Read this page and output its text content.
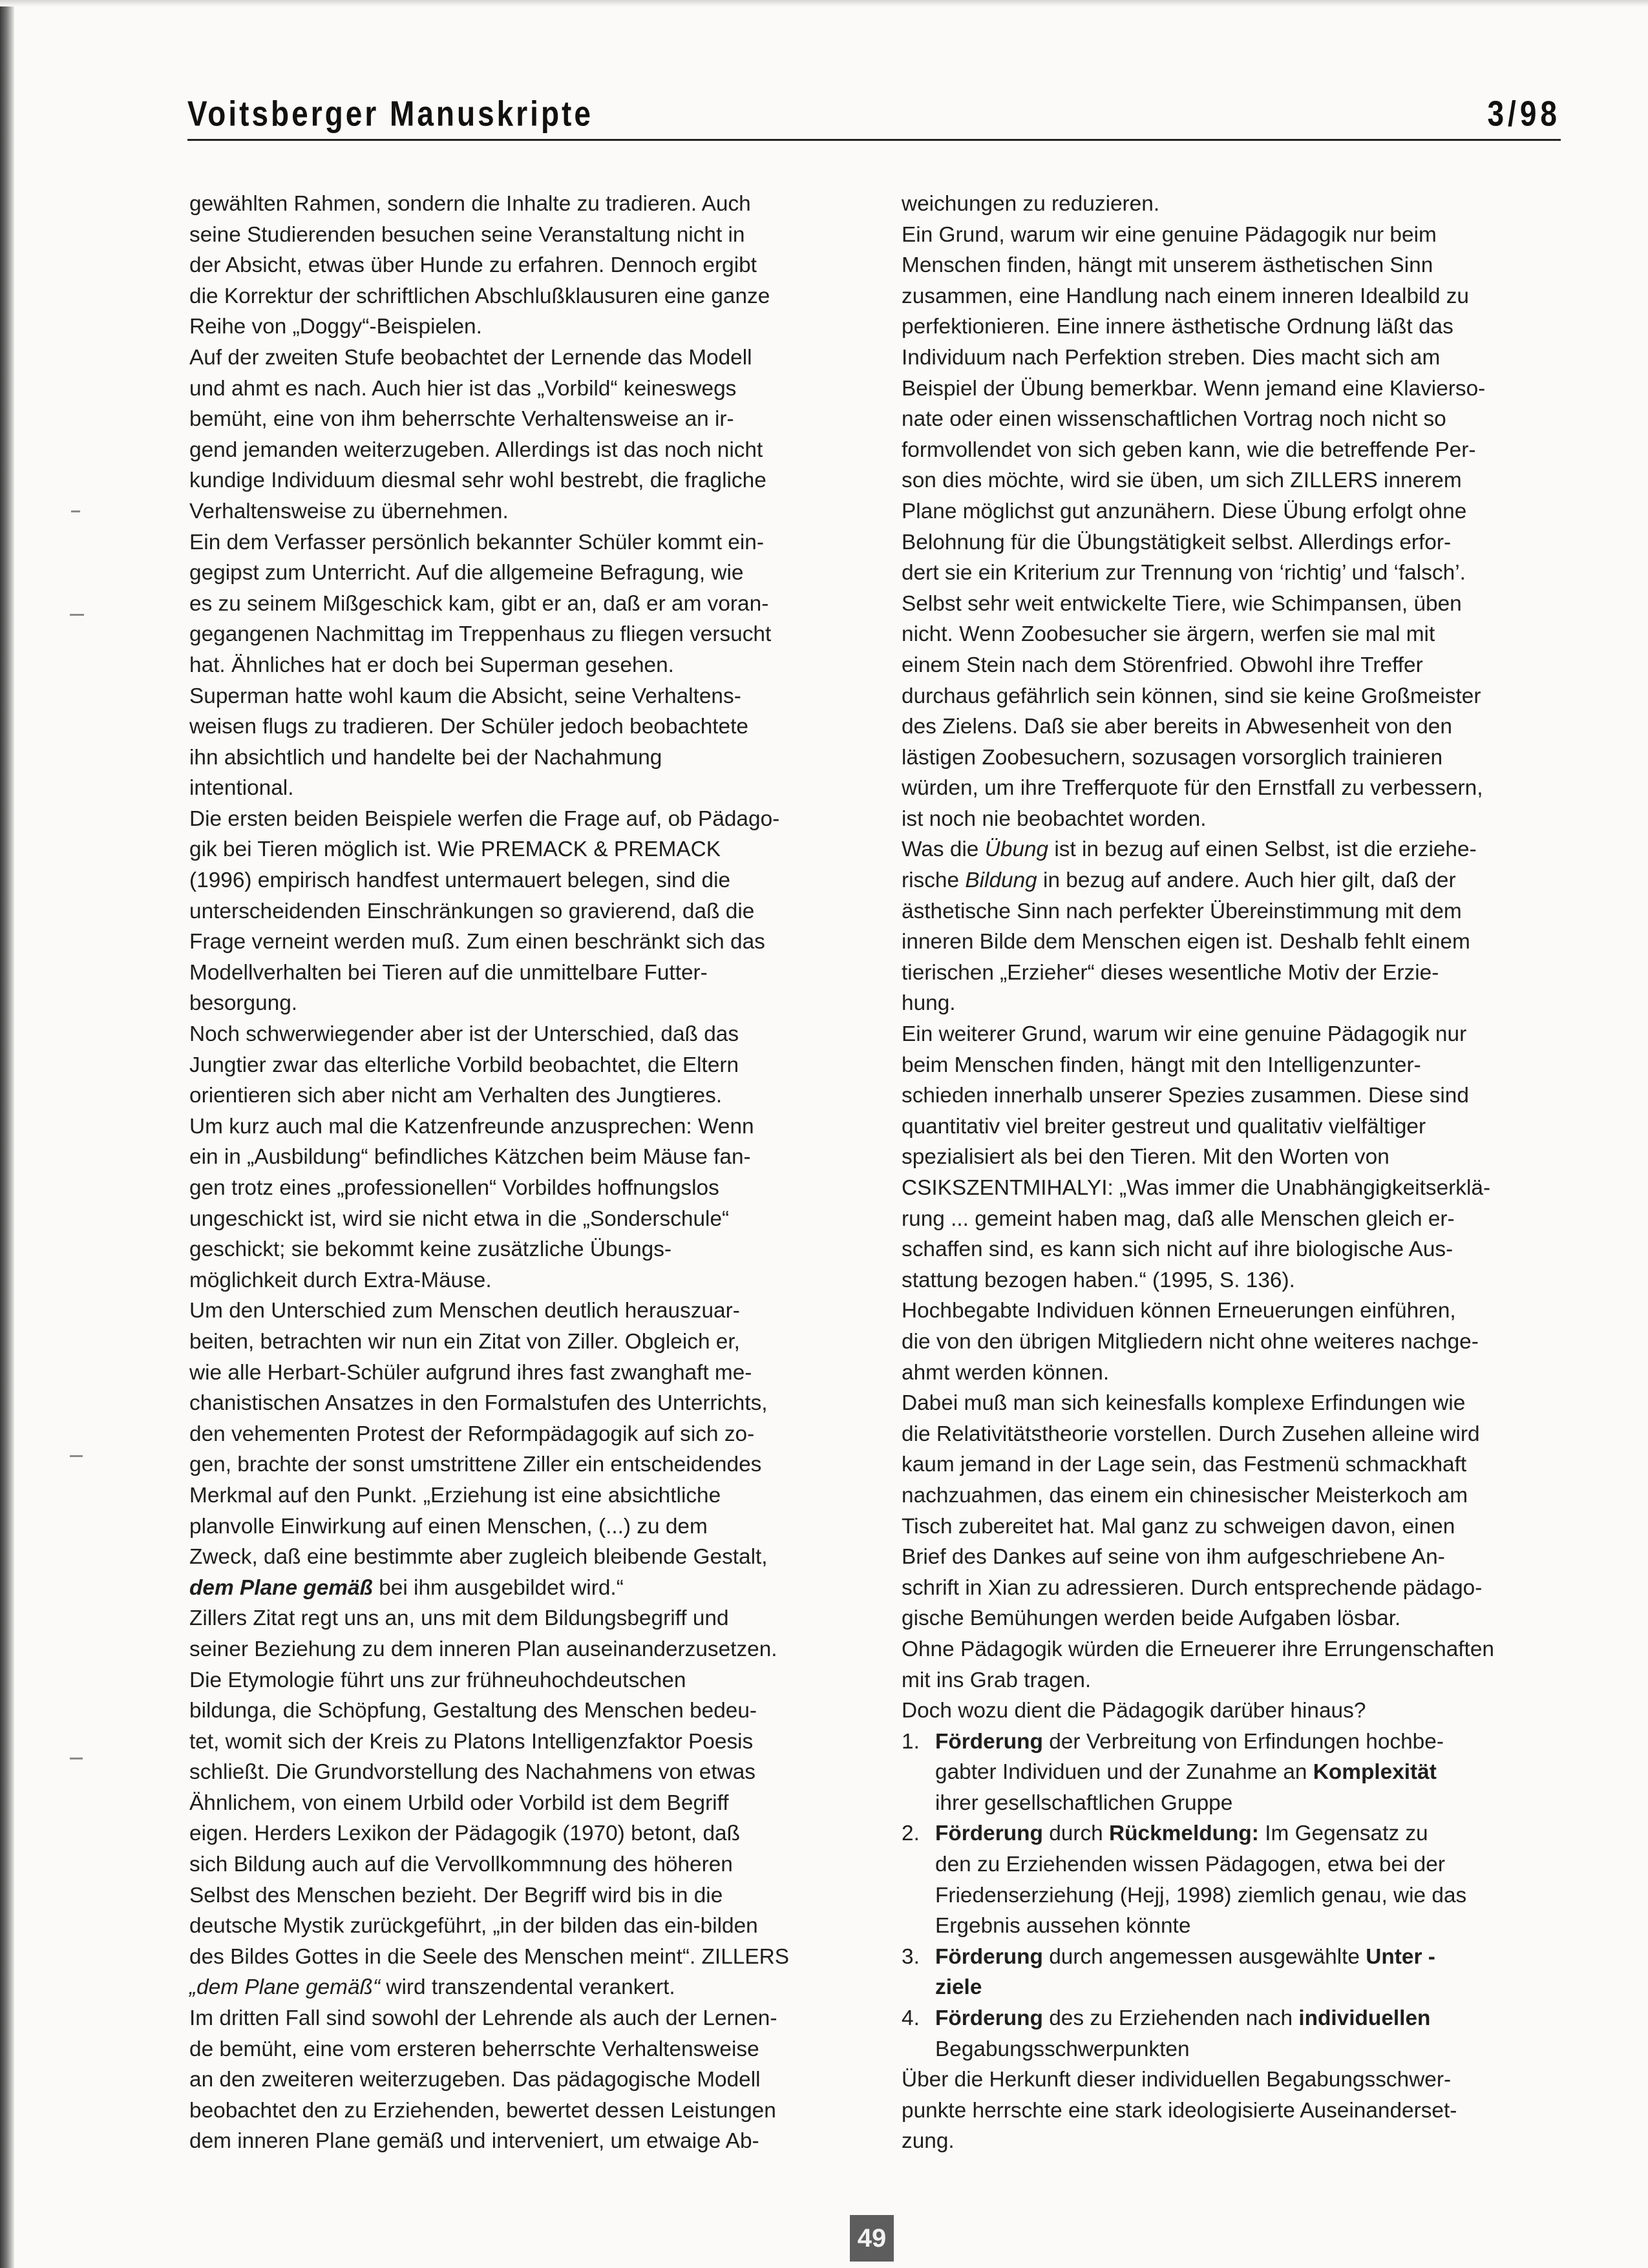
Voitsberger Manuskripte	3/98
gewählten Rahmen, sondern die Inhalte zu tradieren. Auch
seine Studierenden besuchen seine Veranstaltung nicht in
der Absicht, etwas über Hunde zu erfahren. Dennoch ergibt
die Korrektur der schriftlichen Abschlußklausuren eine ganze
Reihe von „Doggy“-Beispielen.
Auf der zweiten Stufe beobachtet der Lernende das Modell
und ahmt es nach. Auch hier ist das „Vorbild“ keineswegs
bemüht, eine von ihm beherrschte Verhaltensweise an ir-
gend jemanden weiterzugeben. Allerdings ist das noch nicht
kundige Individuum diesmal sehr wohl bestrebt, die fragliche
Verhaltensweise zu übernehmen.
Ein dem Verfasser persönlich bekannter Schüler kommt ein-
gegipst zum Unterricht. Auf die allgemeine Befragung, wie
es zu seinem Mißgeschick kam, gibt er an, daß er am voran-
gegangenen Nachmittag im Treppenhaus zu fliegen versucht
hat. Ähnliches hat er doch bei Superman gesehen.
Superman hatte wohl kaum die Absicht, seine Verhaltens-
weisen flugs zu tradieren. Der Schüler jedoch beobachtete
ihn absichtlich und handelte bei der Nachahmung
intentional.
Die ersten beiden Beispiele werfen die Frage auf, ob Pädago-
gik bei Tieren möglich ist. Wie PREMACK & PREMACK
(1996) empirisch handfest untermauert belegen, sind die
unterscheidenden Einschränkungen so gravierend, daß die
Frage verneint werden muß. Zum einen beschränkt sich das
Modellverhalten bei Tieren auf die unmittelbare Futter-
besorgung.
Noch schwerwiegender aber ist der Unterschied, daß das
Jungtier zwar das elterliche Vorbild beobachtet, die Eltern
orientieren sich aber nicht am Verhalten des Jungtieres.
Um kurz auch mal die Katzenfreunde anzusprechen: Wenn
ein in „Ausbildung“ befindliches Kätzchen beim Mäuse fan-
gen trotz eines „professionellen“ Vorbildes hoffnungslos
ungeschickt ist, wird sie nicht etwa in die „Sonderschule“
geschickt; sie bekommt keine zusätzliche Übungs-
möglichkeit durch Extra-Mäuse.
Um den Unterschied zum Menschen deutlich herauszuar-
beiten, betrachten wir nun ein Zitat von Ziller. Obgleich er,
wie alle Herbart-Schüler aufgrund ihres fast zwanghaft me-
chanistischen Ansatzes in den Formalstufen des Unterrichts,
den vehementen Protest der Reformpädagogik auf sich zo-
gen, brachte der sonst umstrittene Ziller ein entscheidendes
Merkmal auf den Punkt. „Erziehung ist eine absichtliche
planvolle Einwirkung auf einen Menschen, (...) zu dem
Zweck, daß eine bestimmte aber zugleich bleibende Gestalt,
dem Plane gemäß bei ihm ausgebildet wird.“
Zillers Zitat regt uns an, uns mit dem Bildungsbegriff und
seiner Beziehung zu dem inneren Plan auseinanderzusetzen.
Die Etymologie führt uns zur frühneuhochdeutschen
bildunga, die Schöpfung, Gestaltung des Menschen bedeu-
tet, womit sich der Kreis zu Platons Intelligenzfaktor Poesis
schließt. Die Grundvorstellung des Nachahmens von etwas
Ähnlichem, von einem Urbild oder Vorbild ist dem Begriff
eigen. Herders Lexikon der Pädagogik (1970) betont, daß
sich Bildung auch auf die Vervollkommnung des höheren
Selbst des Menschen bezieht. Der Begriff wird bis in die
deutsche Mystik zurückgeführt, „in der bilden das ein-bilden
des Bildes Gottes in die Seele des Menschen meint“. ZILLERS
„dem Plane gemäß“ wird transzendental verankert.
Im dritten Fall sind sowohl der Lehrende als auch der Lernen-
de bemüht, eine vom ersteren beherrschte Verhaltensweise
an den zweiteren weiterzugeben. Das pädagogische Modell
beobachtet den zu Erziehenden, bewertet dessen Leistungen
dem inneren Plane gemäß und interveniert, um etwaige Ab-
weichungen zu reduzieren.
Ein Grund, warum wir eine genuine Pädagogik nur beim
Menschen finden, hängt mit unserem ästhetischen Sinn
zusammen, eine Handlung nach einem inneren Idealbild zu
perfektionieren. Eine innere ästhetische Ordnung läßt das
Individuum nach Perfektion streben. Dies macht sich am
Beispiel der Übung bemerkbar. Wenn jemand eine Klavierso-
nate oder einen wissenschaftlichen Vortrag noch nicht so
formvollendet von sich geben kann, wie die betreffende Per-
son dies möchte, wird sie üben, um sich ZILLERS innerem
Plane möglichst gut anzunähern. Diese Übung erfolgt ohne
Belohnung für die Übungstätigkeit selbst. Allerdings erfor-
dert sie ein Kriterium zur Trennung von ‘richtig’ und ‘falsch’.
Selbst sehr weit entwickelte Tiere, wie Schimpansen, üben
nicht. Wenn Zoobesucher sie ärgern, werfen sie mal mit
einem Stein nach dem Störenfried. Obwohl ihre Treffer
durchaus gefährlich sein können, sind sie keine Großmeister
des Zielens. Daß sie aber bereits in Abwesenheit von den
lästigen Zoobesuchern, sozusagen vorsorglich trainieren
würden, um ihre Trefferquote für den Ernstfall zu verbessern,
ist noch nie beobachtet worden.
Was die Übung ist in bezug auf einen Selbst, ist die erziehe-
rische Bildung in bezug auf andere. Auch hier gilt, daß der
ästhetische Sinn nach perfekter Übereinstimmung mit dem
inneren Bilde dem Menschen eigen ist. Deshalb fehlt einem
tierischen „Erzieher“ dieses wesentliche Motiv der Erzie-
hung.
Ein weiterer Grund, warum wir eine genuine Pädagogik nur
beim Menschen finden, hängt mit den Intelligenzunter-
schieden innerhalb unserer Spezies zusammen. Diese sind
quantitativ viel breiter gestreut und qualitativ vielfältiger
spezialisiert als bei den Tieren. Mit den Worten von
CSIKSZENTMIHALYI: „Was immer die Unabhängigkeitserklä-
rung ... gemeint haben mag, daß alle Menschen gleich er-
schaffen sind, es kann sich nicht auf ihre biologische Aus-
stattung bezogen haben.“ (1995, S. 136).
Hochbegabte Individuen können Erneuerungen einführen,
die von den übrigen Mitgliedern nicht ohne weiteres nachge-
ahmt werden können.
Dabei muß man sich keinesfalls komplexe Erfindungen wie
die Relativitätstheorie vorstellen. Durch Zusehen alleine wird
kaum jemand in der Lage sein, das Festmenü schmackhaft
nachzuahmen, das einem ein chinesischer Meisterkoch am
Tisch zubereitet hat. Mal ganz zu schweigen davon, einen
Brief des Dankes auf seine von ihm aufgeschriebene An-
schrift in Xian zu adressieren. Durch entsprechende pädago-
gische Bemühungen werden beide Aufgaben lösbar.
Ohne Pädagogik würden die Erneuerer ihre Errungenschaften
mit ins Grab tragen.
Doch wozu dient die Pädagogik darüber hinaus?
1. Förderung der Verbreitung von Erfindungen hochbe-
gabter Individuen und der Zunahme an Komplexität
ihrer gesellschaftlichen Gruppe
2. Förderung durch Rückmeldung: Im Gegensatz zu
den zu Erziehenden wissen Pädagogen, etwa bei der
Friedenserziehung (Hejj, 1998) ziemlich genau, wie das
Ergebnis aussehen könnte
3. Förderung durch angemessen ausgewählte Unter -
ziele
4. Förderung des zu Erziehenden nach individuellen
Begabungsschwerpunkten
Über die Herkunft dieser individuellen Begabungsschwer-
punkte herrschte eine stark ideologisierte Auseinanderset-
zung.
49
